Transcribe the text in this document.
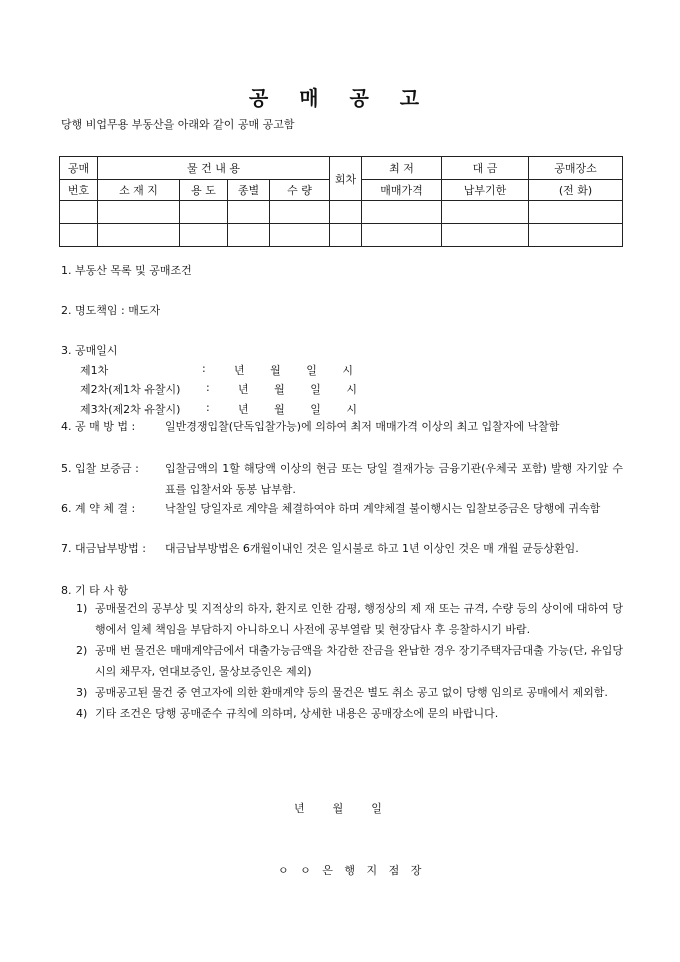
공 매 공 고
당행 비업무용 부동산을 아래와 같이 공매 공고함
공매	물 건 내 용				회차	최 저	대 금	공매장소
번호	소 재 지	용 도	종별	수 량		매매가격	납부기한	(전 화)

1. 부동산 목록 및 공매조건
2. 명도책임 : 매도자
3. 공매일시
제1차	:	년 월 일 시
제2차(제1차 유찰시) :	년 월 일 시
제3차(제2차 유찰시) :	년 월 일 시
4. 공 매 방 법 :	일반경쟁입찰(단독입찰가능)에 의하여 최저 매매가격 이상의 최고 입찰자에 낙찰함
5. 입찰 보증금 :	입찰금액의 1할 해당액 이상의 현금 또는 당일 결재가능 금융기관(우체국 포함) 발행 자기앞 수표를 입찰서와 동봉 납부함.
6. 계 약 체 결 :	낙찰일 당일자로 계약을 체결하여야 하며 계약체결 불이행시는 입찰보증금은 당행에 귀속함
7. 대금납부방법 :	대금납부방법은 6개월이내인 것은 일시불로 하고 1년 이상인 것은 매 개월 균등상환임.
8. 기 타 사 항
1) 공매물건의 공부상 및 지적상의 하자, 환지로 인한 감평, 행정상의 제 재 또는 규격, 수량 등의 상이에 대하여 당행에서 일체 책임을 부담하지 아니하오니 사전에 공부열람 및 현장답사 후 응찰하시기 바람.
2) 공매 번 물건은 매매계약금에서 대출가능금액을 차감한 잔금을 완납한 경우 장기주택자금대출 가능(단, 유입당시의 채무자, 연대보증인, 물상보증인은 제외)
3) 공매공고된 물건 중 연고자에 의한 환매계약 등의 물건은 별도 취소 공고 없이 당행 임의로 공매에서 제외함.
4) 기타 조건은 당행 공매준수 규칙에 의하며, 상세한 내용은 공매장소에 문의 바랍니다.
년        월        일
ㅇ ㅇ 은 행 지 점 장
